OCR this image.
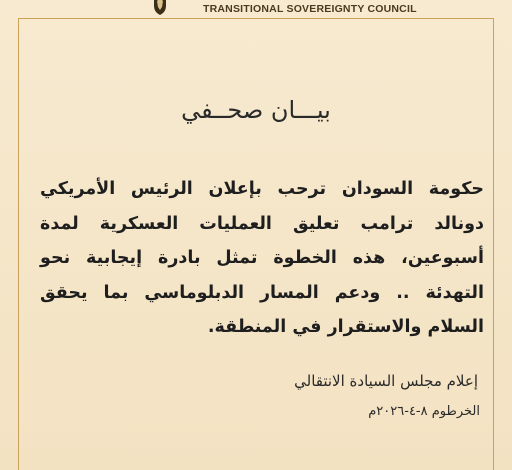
TRANSITIONAL SOVEREIGNTY COUNCIL
بيـــان صحــفي
حكومة السودان ترحب بإعلان الرئيس الأمريكي دونالد ترامب تعليق العمليات العسكرية لمدة أسبوعين، هذه الخطوة تمثل بادرة إيجابية نحو التهدئة .. ودعم المسار الدبلوماسي بما يحقق السلام والاستقرار في المنطقة.
إعلام مجلس السيادة الانتقالي
الخرطوم ٨-٤-٢٠٢٦م
